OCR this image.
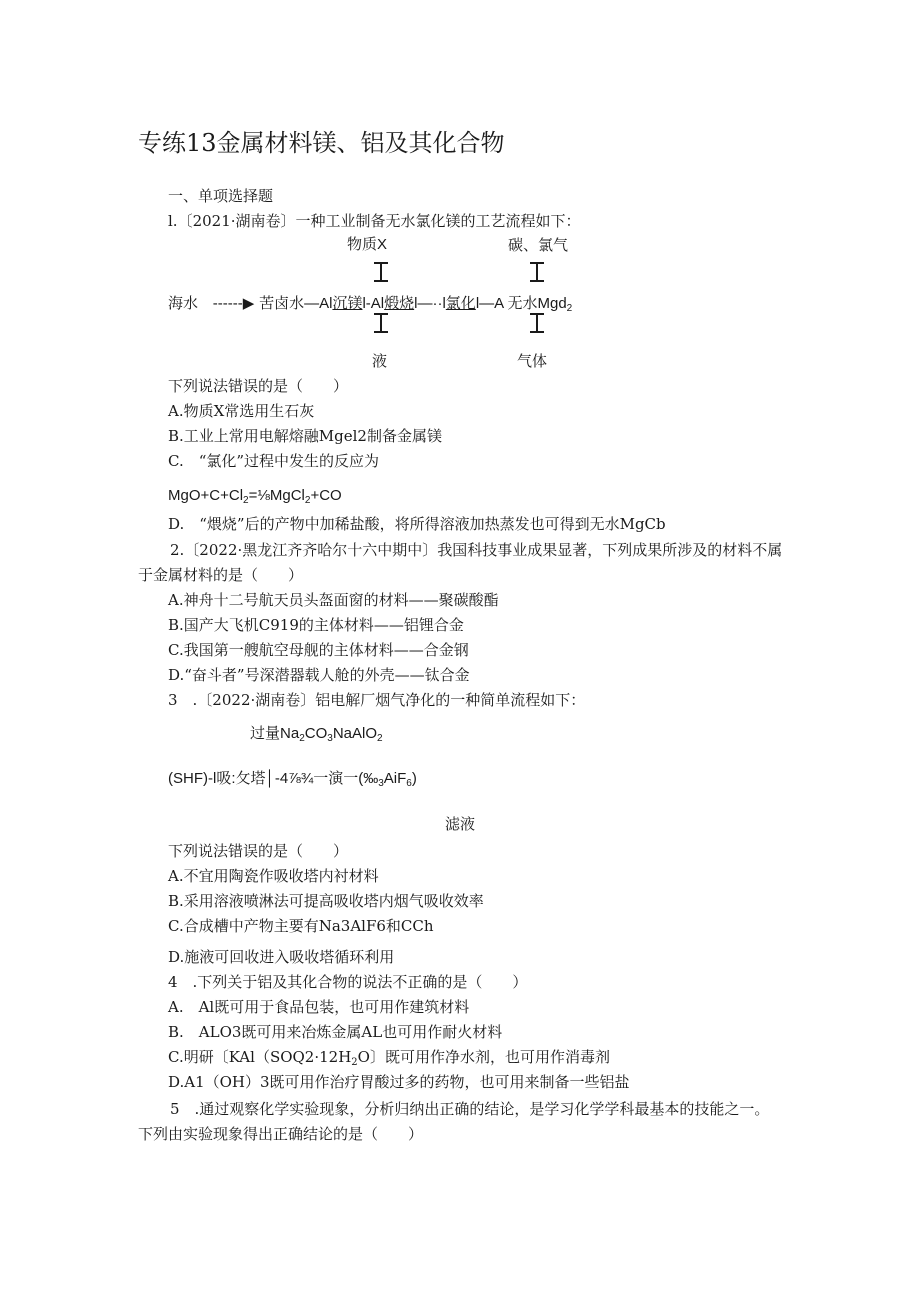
专练13金属材料镁、铝及其化合物
一、单项选择题
l.〔2021·湖南卷〕一种工业制备无水氯化镁的工艺流程如下：
物质X	碳、氯气
海水 ------▶ 苦卤水—Al沉镁l-Al煅烧l—··l氯化l—A 无水Mgd$_2$
液	气体
下列说法错误的是（　　）
A.物质X常选用生石灰
B.工业上常用电解熔融Mgel2制备金属镁
C.　“氯化”过程中发生的反应为
$MgO+C+Cl_2=\frac{1}{8}MgCl_2+CO$
D.　“煨烧”后的产物中加稀盐酸，将所得溶液加热蒸发也可得到无水MgCb
2.〔2022·黑龙江齐齐哈尔十六中期中〕我国科技事业成果显著，下列成果所涉及的材料不属
于金属材料的是（　　）
A.神舟十二号航天员头盔面窗的材料——聚碳酸酯
B.国产大飞机C919的主体材料——铝锂合金
C.我国第一艘航空母舰的主体材料——合金钢
D.“奋斗者”号深潜器载人舱的外壳——钛合金
3　.〔2022·湖南卷〕铝电解厂烟气净化的一种简单流程如下：
过量$Na_2CO_3NaAlO_2$
(SHF)-l吸:攵塔│-4⅞¾一演一$(‰_3AiF_6)$
滤液
下列说法错误的是（　　）
A.不宜用陶瓷作吸收塔内衬材料
B.采用溶液喷淋法可提高吸收塔内烟气吸收效率
C.合成槽中产物主要有Na3AlF6和CCh
D.施液可回收进入吸收塔循环利用
4　.下列关于铝及其化合物的说法不正确的是（　　）
A.　Al既可用于食品包装，也可用作建筑材料
B.　ALO3既可用来冶炼金属AL也可用作耐火材料
C.明研〔$KAl(SOQ2\cdot 12H_2O$〕既可用作净水剂，也可用作消毒剂
D.A1（OH）3既可用作治疗胃酸过多的药物，也可用来制备一些铝盐
5　.通过观察化学实验现象，分析归纳出正确的结论，是学习化学学科最基本的技能之一。
下列由实验现象得出正确结论的是（　　）
